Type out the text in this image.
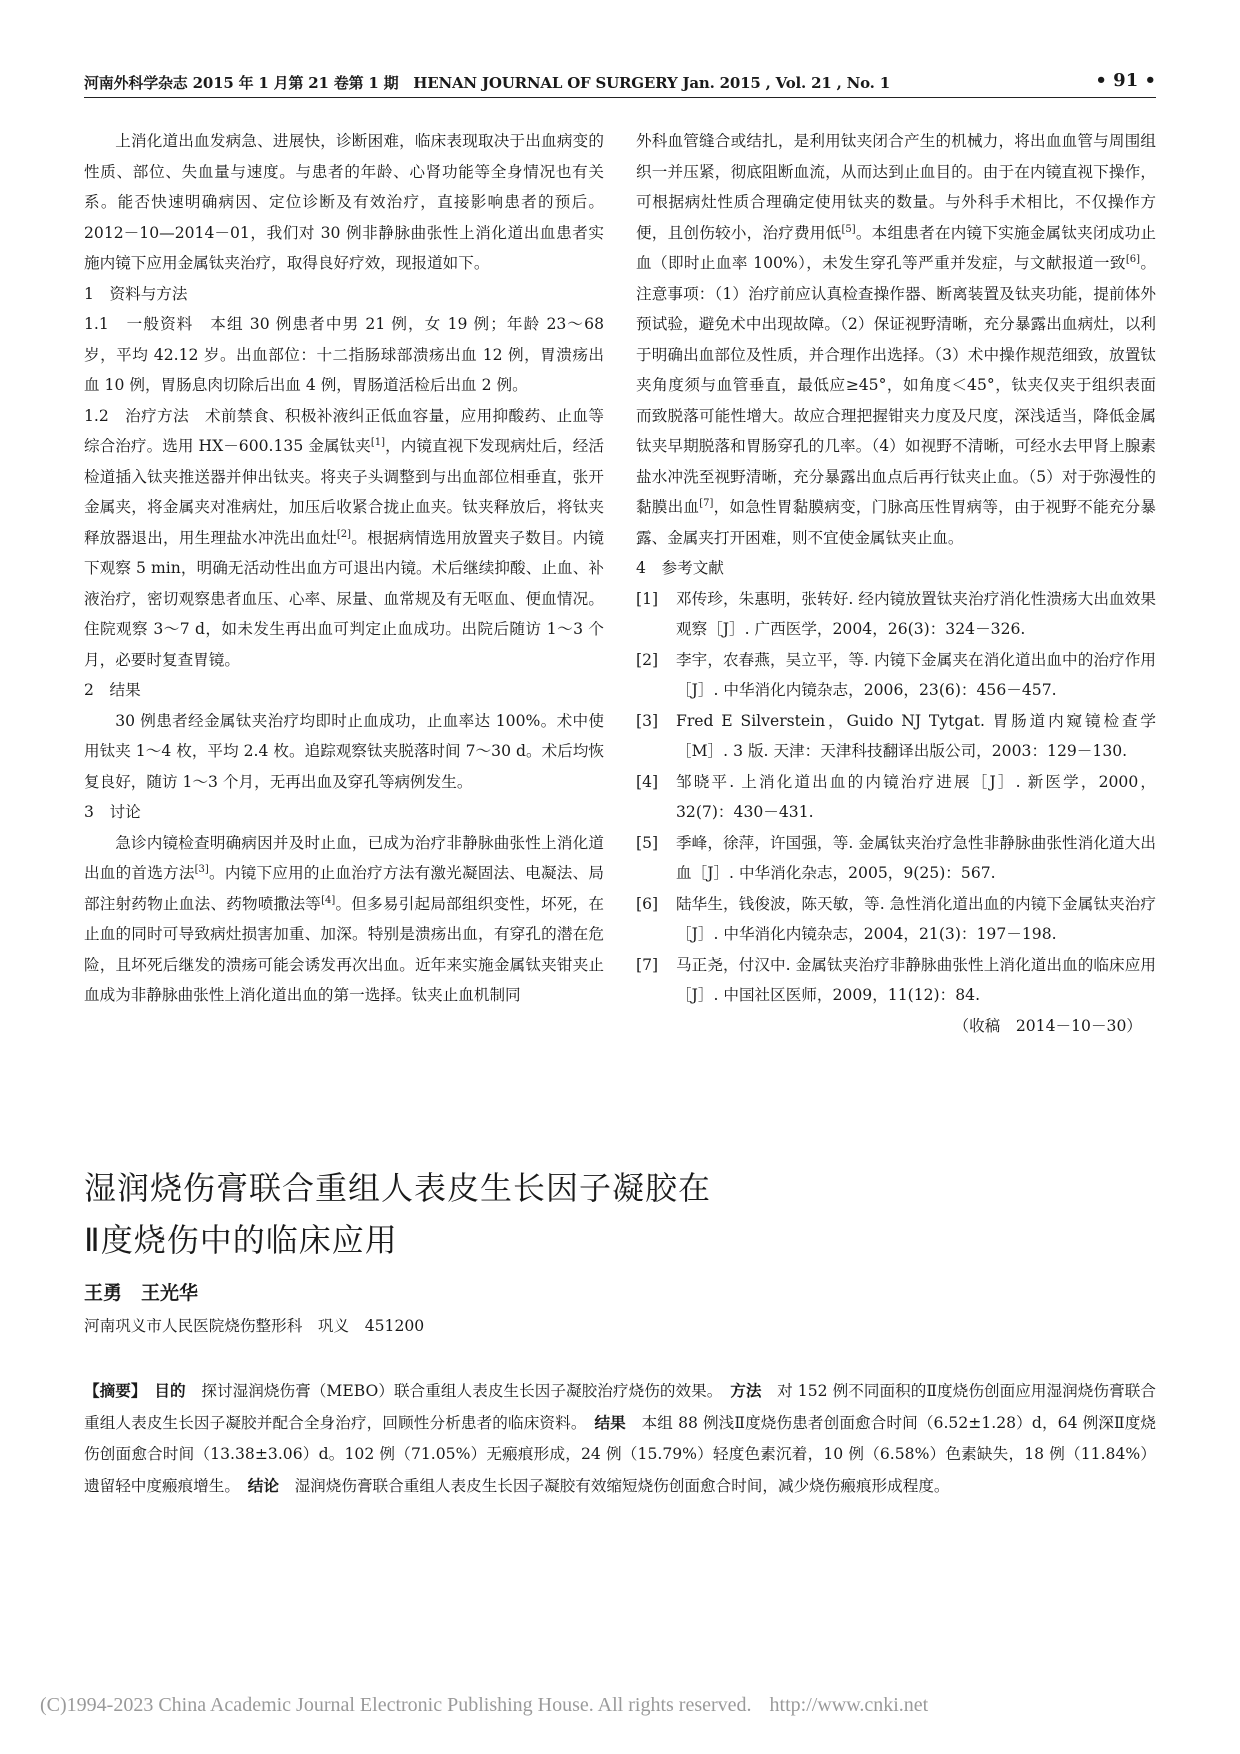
河南外科学杂志 2015 年 1 月第 21 卷第 1 期　HENAN JOURNAL OF SURGERY Jan. 2015 , Vol. 21 , No. 1	• 91 •

上消化道出血发病急、进展快，诊断困难，临床表现取决于出血病变的性质、部位、失血量与速度。与患者的年龄、心肾功能等全身情况也有关系。能否快速明确病因、定位诊断及有效治疗，直接影响患者的预后。2012－10—2014－01，我们对 30 例非静脉曲张性上消化道出血患者实施内镜下应用金属钛夹治疗，取得良好疗效，现报道如下。

1　资料与方法

1.1　一般资料　本组 30 例患者中男 21 例，女 19 例；年龄 23～68 岁，平均 42.12 岁。出血部位：十二指肠球部溃疡出血 12 例，胃溃疡出血 10 例，胃肠息肉切除后出血 4 例，胃肠道活检后出血 2 例。

1.2　治疗方法　术前禁食、积极补液纠正低血容量，应用抑酸药、止血等综合治疗。选用 HX－600.135 金属钛夹[1]，内镜直视下发现病灶后，经活检道插入钛夹推送器并伸出钛夹。将夹子头调整到与出血部位相垂直，张开金属夹，将金属夹对准病灶，加压后收紧合拢止血夹。钛夹释放后，将钛夹释放器退出，用生理盐水冲洗出血灶[2]。根据病情选用放置夹子数目。内镜下观察 5 min，明确无活动性出血方可退出内镜。术后继续抑酸、止血、补液治疗，密切观察患者血压、心率、尿量、血常规及有无呕血、便血情况。住院观察 3～7 d，如未发生再出血可判定止血成功。出院后随访 1～3 个月，必要时复查胃镜。

2　结果

30 例患者经金属钛夹治疗均即时止血成功，止血率达 100%。术中使用钛夹 1～4 枚，平均 2.4 枚。追踪观察钛夹脱落时间 7～30 d。术后均恢复良好，随访 1～3 个月，无再出血及穿孔等病例发生。

3　讨论

急诊内镜检查明确病因并及时止血，已成为治疗非静脉曲张性上消化道出血的首选方法[3]。内镜下应用的止血治疗方法有激光凝固法、电凝法、局部注射药物止血法、药物喷撒法等[4]。但多易引起局部组织变性，坏死，在止血的同时可导致病灶损害加重、加深。特别是溃疡出血，有穿孔的潜在危险，且坏死后继发的溃疡可能会诱发再次出血。近年来实施金属钛夹钳夹止血成为非静脉曲张性上消化道出血的第一选择。钛夹止血机制同

外科血管缝合或结扎，是利用钛夹闭合产生的机械力，将出血血管与周围组织一并压紧，彻底阻断血流，从而达到止血目的。由于在内镜直视下操作，可根据病灶性质合理确定使用钛夹的数量。与外科手术相比，不仅操作方便，且创伤较小，治疗费用低[5]。本组患者在内镜下实施金属钛夹闭成功止血（即时止血率 100%），未发生穿孔等严重并发症，与文献报道一致[6]。注意事项：（1）治疗前应认真检查操作器、断离装置及钛夹功能，提前体外预试验，避免术中出现故障。（2）保证视野清晰，充分暴露出血病灶，以利于明确出血部位及性质，并合理作出选择。（3）术中操作规范细致，放置钛夹角度须与血管垂直，最低应≥45°，如角度＜45°，钛夹仅夹于组织表面而致脱落可能性增大。故应合理把握钳夹力度及尺度，深浅适当，降低金属钛夹早期脱落和胃肠穿孔的几率。（4）如视野不清晰，可经水去甲肾上腺素盐水冲洗至视野清晰，充分暴露出血点后再行钛夹止血。（5）对于弥漫性的黏膜出血[7]，如急性胃黏膜病变，门脉高压性胃病等，由于视野不能充分暴露、金属夹打开困难，则不宜使金属钛夹止血。

4　参考文献

[1] 邓传珍，朱惠明，张转好. 经内镜放置钛夹治疗消化性溃疡大出血效果观察［J］. 广西医学，2004，26(3)：324－326.

[2] 李宇，农春燕，吴立平，等. 内镜下金属夹在消化道出血中的治疗作用［J］. 中华消化内镜杂志，2006，23(6)：456－457.

[3] Fred E Silverstein，Guido NJ Tytgat. 胃肠道内窥镜检查学［M］. 3 版. 天津：天津科技翻译出版公司，2003：129－130.

[4] 邹晓平. 上消化道出血的内镜治疗进展［J］. 新医学，2000，32(7)：430－431.

[5] 季峰，徐萍，许国强，等. 金属钛夹治疗急性非静脉曲张性消化道大出血［J］. 中华消化杂志，2005，9(25)：567.

[6] 陆华生，钱俊波，陈天敏，等. 急性消化道出血的内镜下金属钛夹治疗［J］. 中华消化内镜杂志，2004，21(3)：197－198.

[7] 马正尧，付汉中. 金属钛夹治疗非静脉曲张性上消化道出血的临床应用［J］. 中国社区医师，2009，11(12)：84.

（收稿　2014－10－30）

湿润烧伤膏联合重组人表皮生长因子凝胶在
Ⅱ度烧伤中的临床应用

王勇　王光华

河南巩义市人民医院烧伤整形科　巩义　451200

【摘要】　 目的　 探讨湿润烧伤膏（MEBO）联合重组人表皮生长因子凝胶治疗烧伤的效果。　 方法　 对 152 例不同面积的Ⅱ度烧伤创面应用湿润烧伤膏联合重组人表皮生长因子凝胶并配合全身治疗，回顾性分析患者的临床资料。　 结果　 本组 88 例浅Ⅱ度烧伤患者创面愈合时间（6.52±1.28）d，64 例深Ⅱ度烧伤创面愈合时间（13.38±3.06）d。102 例（71.05%）无瘢痕形成，24 例（15.79%）轻度色素沉着，10 例（6.58%）色素缺失，18 例（11.84%）遗留轻中度瘢痕增生。　 结论　 湿润烧伤膏联合重组人表皮生长因子凝胶有效缩短烧伤创面愈合时间，减少烧伤瘢痕形成程度。

(C)1994-2023 China Academic Journal Electronic Publishing House. All rights reserved. http://www.cnki.net
